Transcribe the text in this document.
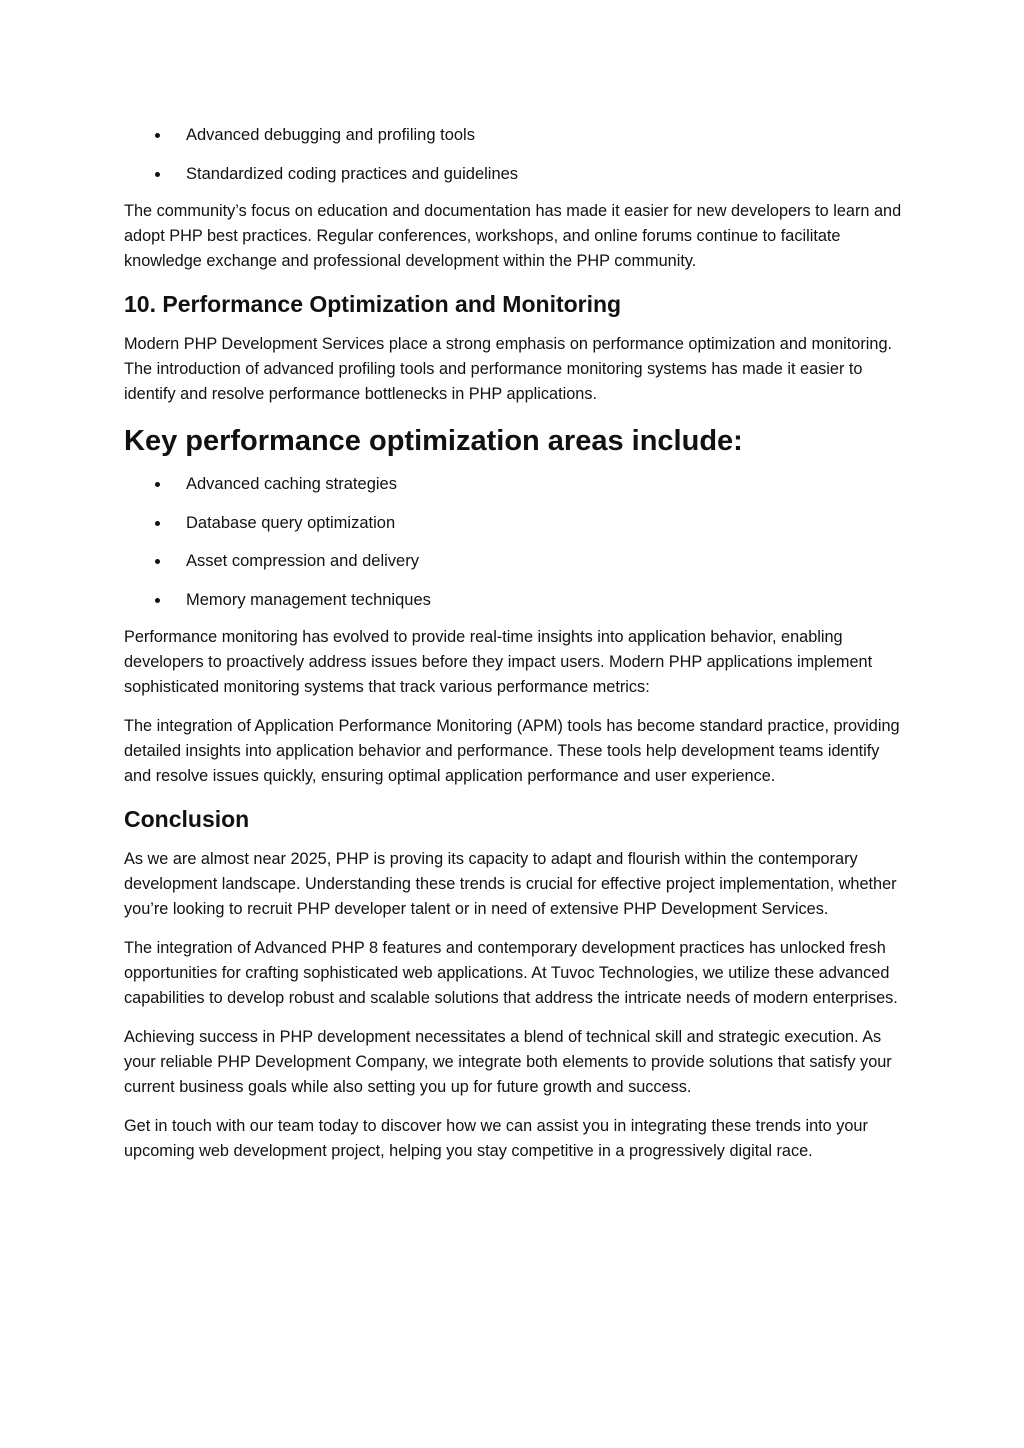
Advanced debugging and profiling tools
Standardized coding practices and guidelines

The community’s focus on education and documentation has made it easier for new developers to learn and adopt PHP best practices. Regular conferences, workshops, and online forums continue to facilitate knowledge exchange and professional development within the PHP community.

10. Performance Optimization and Monitoring

Modern PHP Development Services place a strong emphasis on performance optimization and monitoring. The introduction of advanced profiling tools and performance monitoring systems has made it easier to identify and resolve performance bottlenecks in PHP applications.

Key performance optimization areas include:
Advanced caching strategies
Database query optimization
Asset compression and delivery
Memory management techniques

Performance monitoring has evolved to provide real-time insights into application behavior, enabling developers to proactively address issues before they impact users. Modern PHP applications implement sophisticated monitoring systems that track various performance metrics:

The integration of Application Performance Monitoring (APM) tools has become standard practice, providing detailed insights into application behavior and performance. These tools help development teams identify and resolve issues quickly, ensuring optimal application performance and user experience.

Conclusion

As we are almost near 2025, PHP is proving its capacity to adapt and flourish within the contemporary development landscape. Understanding these trends is crucial for effective project implementation, whether you’re looking to recruit PHP developer talent or in need of extensive PHP Development Services.

The integration of Advanced PHP 8 features and contemporary development practices has unlocked fresh opportunities for crafting sophisticated web applications. At Tuvoc Technologies, we utilize these advanced capabilities to develop robust and scalable solutions that address the intricate needs of modern enterprises.

Achieving success in PHP development necessitates a blend of technical skill and strategic execution. As your reliable PHP Development Company, we integrate both elements to provide solutions that satisfy your current business goals while also setting you up for future growth and success.

Get in touch with our team today to discover how we can assist you in integrating these trends into your upcoming web development project, helping you stay competitive in a progressively digital race.
